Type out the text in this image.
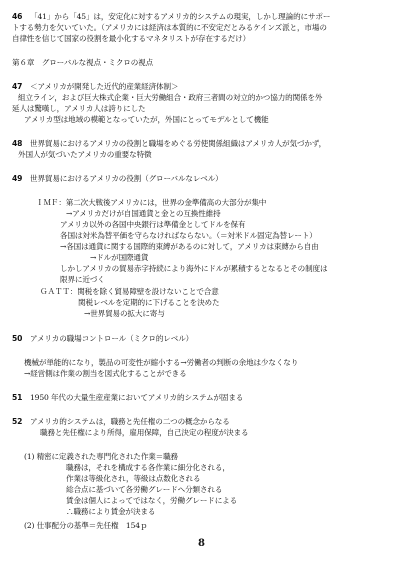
46 「41」から「45」は，安定化に対するアメリカ的システムの現実，しかし理論的にサポー
トする勢力を欠いていた。（アメリカには経済は本質的に不安定だとみるケインズ派と，市場の
自律性を信じて国家の役割を最小化するマネタリストが存在するだけ）
第６章　グローバルな視点・ミクロの視点
47 ＜アメリカが開発した近代的産業経済体制＞
組立ライン，および巨大株式企業・巨大労働組合・政府三者間の対立的かつ協力的関係を外
延人は驚嘆し，アメリカ人は誇りにした
アメリカ型は地域の模範となっていたが，外国にとってモデルとして機能
48 世界貿易におけるアメリカの役割と職場をめぐる労使関係組織はアメリカ人が気づかず，
外国人が気づいたアメリカの重要な特徴
49 世界貿易におけるアメリカの役割（グローバルなレベル）
ＩＭＦ：第二次大戦後アメリカには，世界の金準備高の大部分が集中
→アメリカだけが自国通貨と金との互換性維持
アメリカ以外の各国中央銀行は準備金としてドルを保有
各国は対米為替平価を守らなければならない。（＝対米ドル固定為替レート）
→各国は通貨に関する国際的束縛があるのに対して，アメリカは束縛から自由
→ドルが国際通貨
しかしアメリカの貿易赤字持続により海外にドルが累積するとなるとその制度は
限界に近づく
ＧＡＴＴ：関税を除く貿易障壁を設けないことで合意
関税レベルを定期的に下げることを決めた
→世界貿易の拡大に寄与
50 アメリカの職場コントロール（ミクロ的レベル）
機械が単能的になり，製品の可変性が縮小する→労働者の判断の余地は少なくなり
→経営側は作業の割当を図式化することができる
51 1950 年代の大量生産産業においてアメリカ的システムが固まる
52 アメリカ的システムは，職務と先任権の二つの概念からなる
職務と先任権により所得，雇用保障，自己決定の程度が決まる
(1) 精密に定義された専門化された作業＝職務
職務は，それを構成する各作業に細分化される，
作業は等級化され，等級は点数化される
総合点に基づいて各労働グレードへ分類される
賃金は個人によってではなく，労働グレードによる
∴職務により賃金が決まる
(2) 仕事配分の基準＝先任権　154ｐ
8
